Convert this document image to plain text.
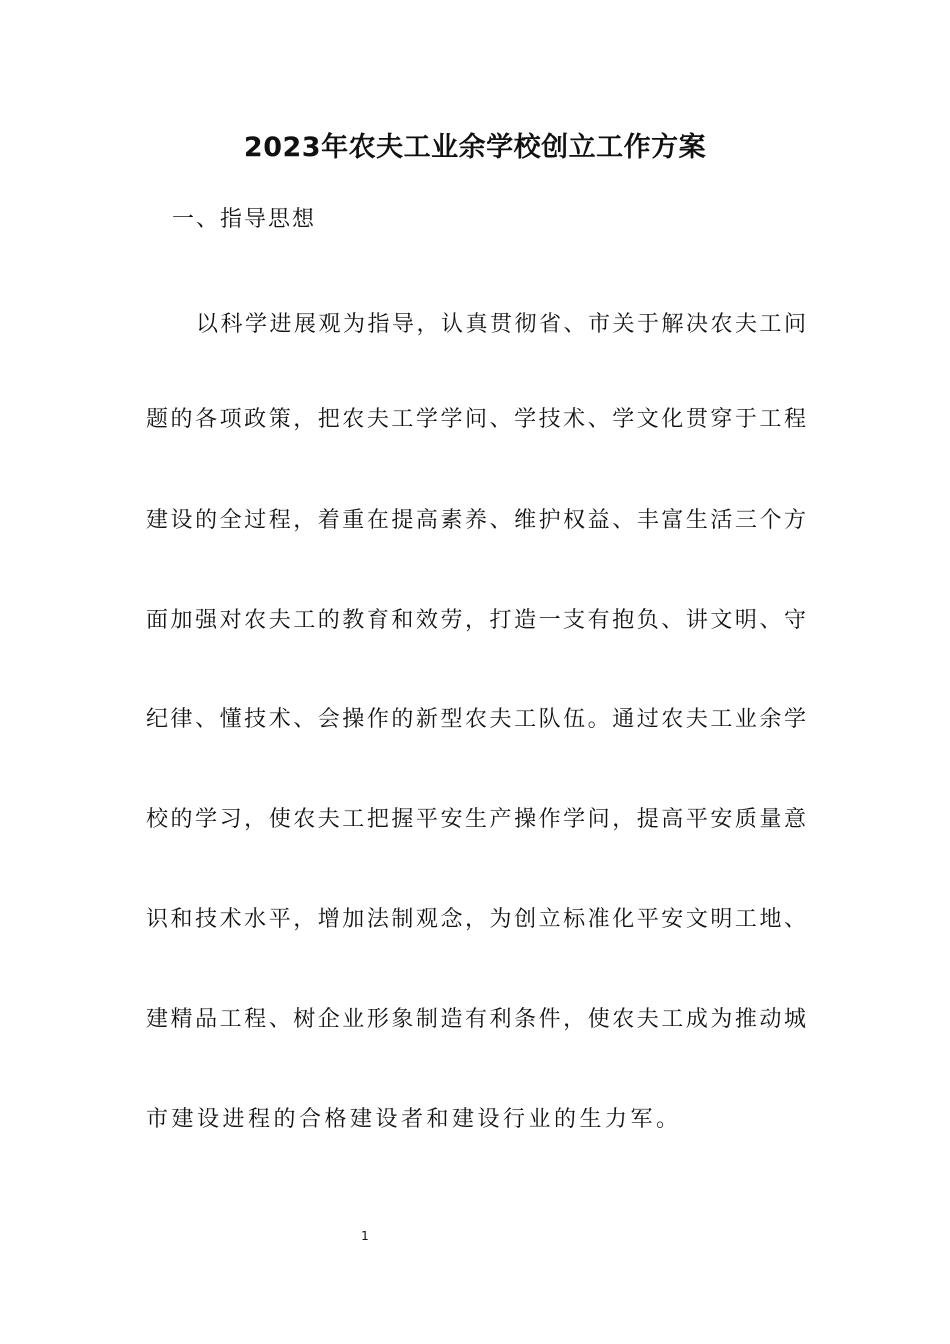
2023年农夫工业余学校创立工作方案
一、指导思想
以科学进展观为指导，认真贯彻省、市关于解决农夫工问
题的各项政策，把农夫工学学问、学技术、学文化贯穿于工程
建设的全过程，着重在提高素养、维护权益、丰富生活三个方
面加强对农夫工的教育和效劳，打造一支有抱负、讲文明、守
纪律、懂技术、会操作的新型农夫工队伍。通过农夫工业余学
校的学习，使农夫工把握平安生产操作学问，提高平安质量意
识和技术水平，增加法制观念，为创立标准化平安文明工地、
建精品工程、树企业形象制造有利条件，使农夫工成为推动城
市建设进程的合格建设者和建设行业的生力军。
1
